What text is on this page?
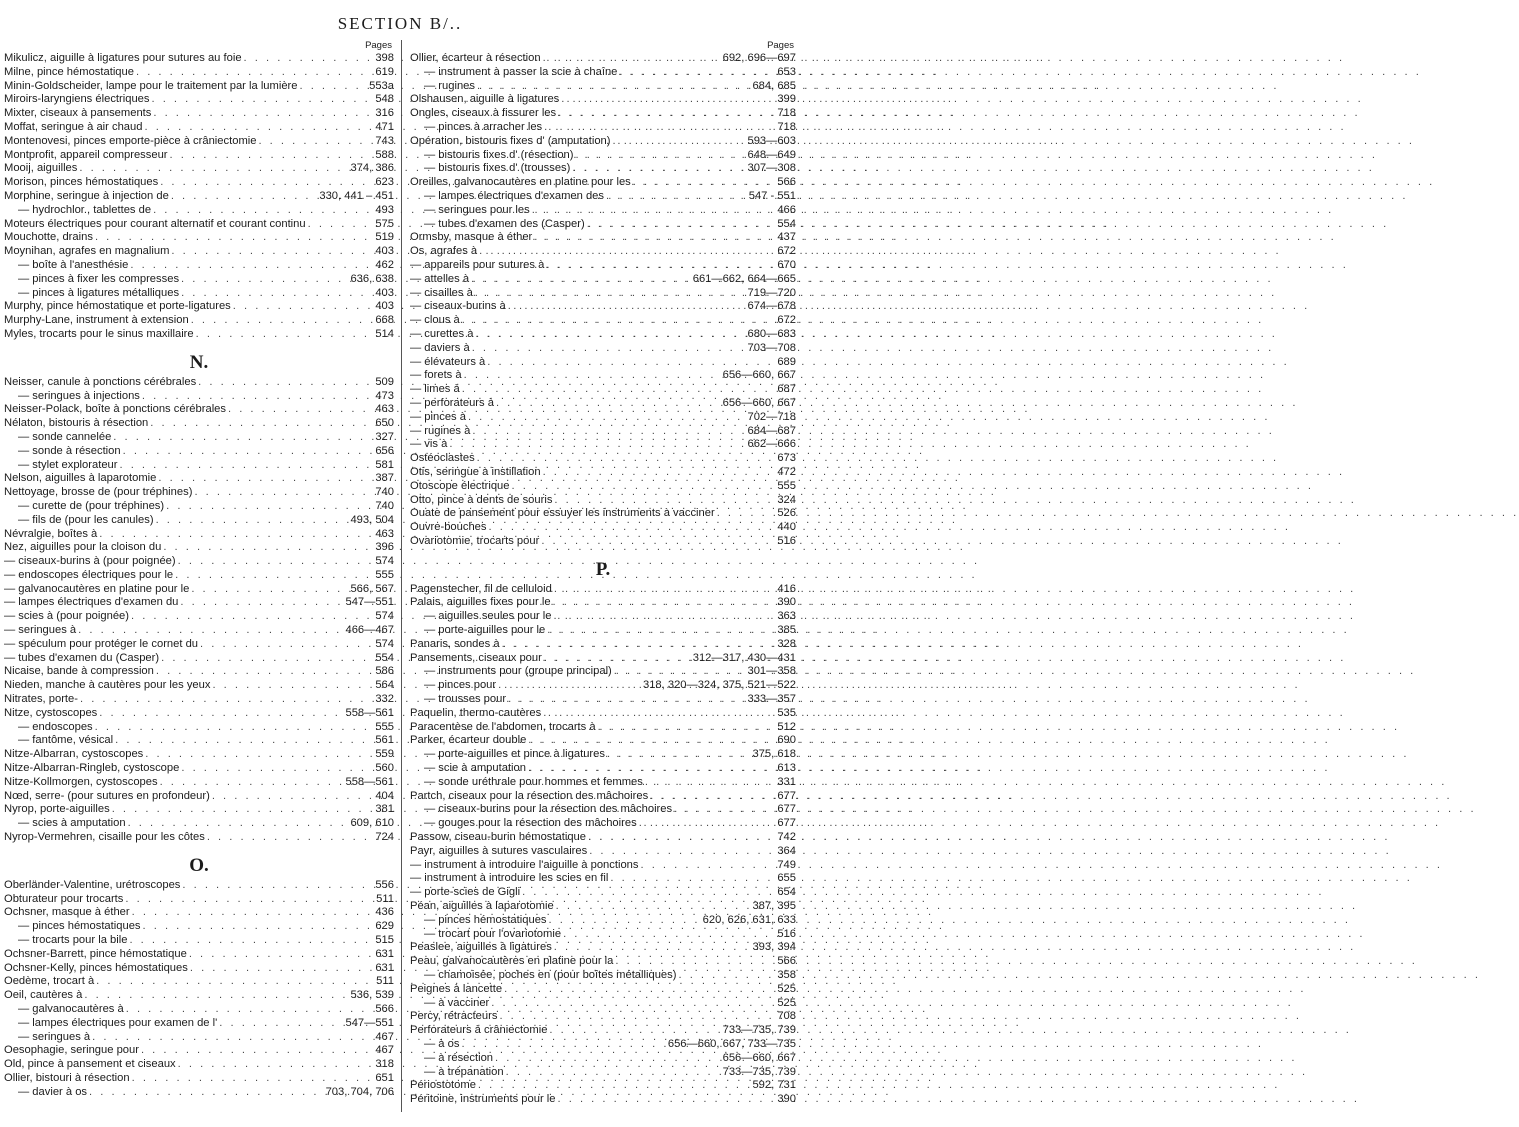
SECTION B/..
Pages
Mikulicz, aiguille à ligatures pour sutures au foie . . .	398
Milne, pince hémostatique . . .	619
Minin-Goldscheider, lampe pour le traitement par la lumière . . .	553a
Miroirs-laryngiens électriques . . .	548
Mixter, ciseaux à pansements . . .	316
Moffat, seringue à air chaud . . .	471
Montenovesi, pinces emporte-pièce à crâniectomie . . .	743
Montprofit, appareil compresseur . . .	588
Mooij, aiguilles . . .	374, 386
Morison, pinces hémostatiques . . .	623
Morphine, seringue à injection de . . .	330, 441 – 451
— hydrochlor., tablettes de . . .	493
Moteurs électriques pour courant alternatif et courant continu . . .	575
Mouchotte, drains . . .	519
Moynihan, agrafes en magnalium . . .	403
— boîte à l'anesthésie . . .	462
— pinces à fixer les compresses . . .	636, 638
— pinces à ligatures métalliques . . .	403
Murphy, pince hémostatique et porte-ligatures . . .	403
Murphy-Lane, instrument à extension . . .	668
Myles, trocarts pour le sinus maxillaire . . .	514
N.
Neisser, canule à ponctions cérébrales . . .	509
— seringues à injections . . .	473
Neisser-Polack, boîte à ponctions cérébrales . . .	463
Nélaton, bistouris à résection . . .	650
— sonde cannelée . . .	327
— sonde à résection . . .	656
— stylet explorateur . . .	581
Nelson, aiguilles à laparotomie . . .	387
Nettoyage, brosse de (pour tréphines) . . .	740
— curette de (pour tréphines) . . .	740
— fils de (pour les canules) . . .	493, 504
Névralgie, boîtes à . . .	463
Nez, aiguilles pour la cloison du . . .	396
— ciseaux-burins à (pour poignée) . . .	574
— endoscopes électriques pour le . . .	555
— galvanocautères en platine pour le . . .	566, 567
— lampes électriques d'examen du . . .	547—551
— scies à (pour poignée) . . .	574
— seringues à . . .	466—467
— spéculum pour protéger le cornet du . . .	574
— tubes d'examen du (Casper) . . .	554
Nicaise, bande à compression . . .	586
Nieden, manche à cautères pour les yeux . . .	564
Nitrates, porte- . . .	332
Nitze, cystoscopes . . .	558—561
— endoscopes . . .	555
— fantôme, vésical . . .	561
Nitze-Albarran, cystoscopes . . .	559
Nitze-Albarran-Ringleb, cystoscope . . .	560
Nitze-Kollmorgen, cystoscopes . . .	558—561
Nœd, serre- (pour sutures en profondeur) . . .	404
Nyrop, porte-aiguilles . . .	381
— scies à amputation . . .	609, 610
Nyrop-Vermehren, cisaille pour les côtes . . .	724
O.
Oberländer-Valentine, urétroscopes . . .	556
Obturateur pour trocarts . . .	511
Ochsner, masque à éther . . .	436
— pinces hémostatiques . . .	629
— trocarts pour la bile . . .	515
Ochsner-Barrett, pince hémostatique . . .	631
Ochsner-Kelly, pinces hémostatiques . . .	631
Oedème, trocart à . . .	511
Oeil, cautères à . . .	536, 539
— galvanocautères à . . .	566
— lampes électriques pour examen de l' . . .	547—551
— seringues à . . .	467
Oesophagie, seringue pour . . .	467
Old, pince à pansement et ciseaux . . .	318
Ollier, bistouri à résection . . .	651
— davier à os . . .	703, 704, 706
Pages
Ollier, écarteur à résection . . .	692, 696—697
— instrument à passer la scie à chaîne . . .	653
— rugines . . .	684, 685
Olshausen, aiguille à ligatures . . .	399
Ongles, ciseaux à fissurer les . . .	718
— pinces à arracher les . . .	718
Opération, bistouris fixes d' (amputation) . . .	593—603
— bistouris fixes d' (résection) . . .	648—649
— bistouris fixes d' (trousses) . . .	307—308
Oreilles, galvanocautères en platine pour les . . .	566
— lampes électriques d'examen des . . .	547 - 551
— seringues pour les . . .	466
— tubes d'examen des (Casper) . . .	554
Ormsby, masque à éther . . .	437
Os, agrafes à . . .	672
— appareils pour sutures à . . .	670
— attelles à . . .	661—662, 664—665
— cisailles à . . .	719—720
— ciseaux-burins à . . .	674—678
— clous à . . .	672
— curettes à . . .	680—683
— daviers à . . .	703—708
— élévateurs à . . .	689
— forets à . . .	656—660, 667
— limes à . . .	687
— perforateurs à . . .	656—660, 667
— pinces à . . .	702—718
— rugines à . . .	684—687
— vis à . . .	662—666
Ostéoclastes . . .	673
Otis, seringue à instillation . . .	472
Otoscope électrique . . .	555
Otto, pince à dents de souris . . .	324
Ouate de pansement pour essuyer les instruments à vacciner . . .	526
Ouvre-bouches . . .	440
Ovariotomie, trocarts pour . . .	516
P.
Pagenstecher, fil de celluloid . . .	416
Palais, aiguilles fixes pour le . . .	390
— aiguilles seules pour le . . .	363
— porte-aiguilles pour le . . .	385
Panaris, sondes à . . .	328
Pansements, ciseaux pour . . .	312—317, 430—431
— instruments pour (groupe principal) . . .	301—358
— pinces pour . . .	318, 320—324, 375, 521—522
— trousses pour . . .	333—357
Paquelin, thermo-cautères . . .	535
Paracentèse de l'abdomen, trocarts à . . .	512
Parker, écarteur double . . .	690
— porte-aiguilles et pince à ligatures . . .	375, 618
— scie à amputation . . .	613
— sonde uréthrale pour hommes et femmes . . .	331
Partch, ciseaux pour la résection des mâchoires . . .	677
— ciseaux-burins pour la résection des mâchoires . . .	677
— gouges pour la résection des mâchoires . . .	677
Passow, ciseau-burin hémostatique . . .	742
Payr, aiguilles à sutures vasculaires . . .	364
— instrument à introduire l'aiguille à ponctions . . .	749
— instrument à introduire les scies en fil . . .	655
— porte-scies de Gigli . . .	654
Péan, aiguilles à laparotomie . . .	387, 395
— pinces hémostatiques . . .	620, 626, 631, 633
— trocart pour l'ovariotomie . . .	516
Peaslee, aiguilles à ligatures . . .	393, 394
Peau, galvanocautères en platine pour la . . .	566
— chamoisée, poches en (pour boîtes métalliques) . . .	358
Peignes à lancette . . .	525
— à vacciner . . .	525
Percy, rétracteurs . . .	708
Perforateurs à crâniectomie . . .	733—735, 739
— à os . . .	656—660, 667, 733—735
— à résection . . .	656—660, 667
— à trépanation . . .	733—735, 739
Périostotome . . .	592, 731
Péritoine, instruments pour le . . .	390
